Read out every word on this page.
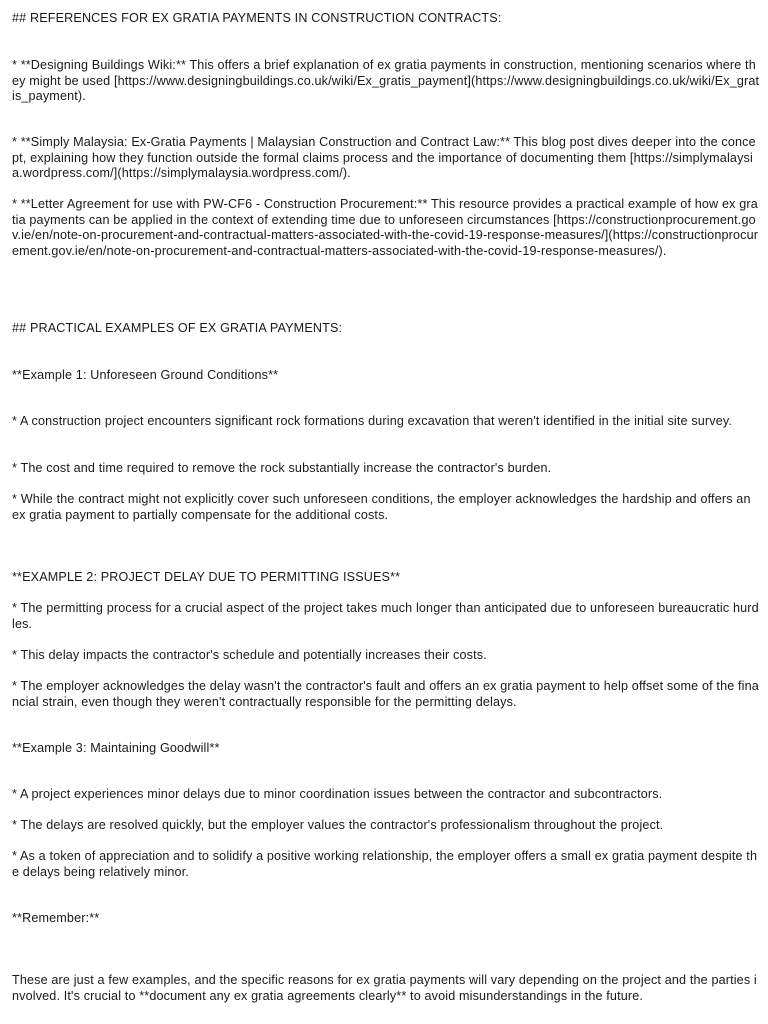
## REFERENCES FOR EX GRATIA PAYMENTS IN CONSTRUCTION CONTRACTS:

* **Designing Buildings Wiki:** This offers a brief explanation of ex gratia payments in construction, mentioning scenarios where they might be used [https://www.designingbuildings.co.uk/wiki/Ex_gratis_payment](https://www.designingbuildings.co.uk/wiki/Ex_gratis_payment).

* **Simply Malaysia: Ex-Gratia Payments | Malaysian Construction and Contract Law:** This blog post dives deeper into the concept, explaining how they function outside the formal claims process and the importance of documenting them [https://simplymalaysia.wordpress.com/](https://simplymalaysia.wordpress.com/).

* **Letter Agreement for use with PW-CF6 - Construction Procurement:** This resource provides a practical example of how ex gratia payments can be applied in the context of extending time due to unforeseen circumstances [https://constructionprocurement.gov.ie/en/note-on-procurement-and-contractual-matters-associated-with-the-covid-19-response-measures/](https://constructionprocurement.gov.ie/en/note-on-procurement-and-contractual-matters-associated-with-the-covid-19-response-measures/).

## PRACTICAL EXAMPLES OF EX GRATIA PAYMENTS:

**Example 1: Unforeseen Ground Conditions**

* A construction project encounters significant rock formations during excavation that weren't identified in the initial site survey.

* The cost and time required to remove the rock substantially increase the contractor's burden.

* While the contract might not explicitly cover such unforeseen conditions, the employer acknowledges the hardship and offers an ex gratia payment to partially compensate for the additional costs.

**EXAMPLE 2: PROJECT DELAY DUE TO PERMITTING ISSUES**

* The permitting process for a crucial aspect of the project takes much longer than anticipated due to unforeseen bureaucratic hurdles.

* This delay impacts the contractor's schedule and potentially increases their costs.

* The employer acknowledges the delay wasn't the contractor's fault and offers an ex gratia payment to help offset some of the financial strain, even though they weren't contractually responsible for the permitting delays.

**Example 3: Maintaining Goodwill**

* A project experiences minor delays due to minor coordination issues between the contractor and subcontractors.

* The delays are resolved quickly, but the employer values the contractor's professionalism throughout the project.

* As a token of appreciation and to solidify a positive working relationship, the employer offers a small ex gratia payment despite the delays being relatively minor.

**Remember:**

These are just a few examples, and the specific reasons for ex gratia payments will vary depending on the project and the parties involved. It's crucial to **document any ex gratia agreements clearly** to avoid misunderstandings in the future.
